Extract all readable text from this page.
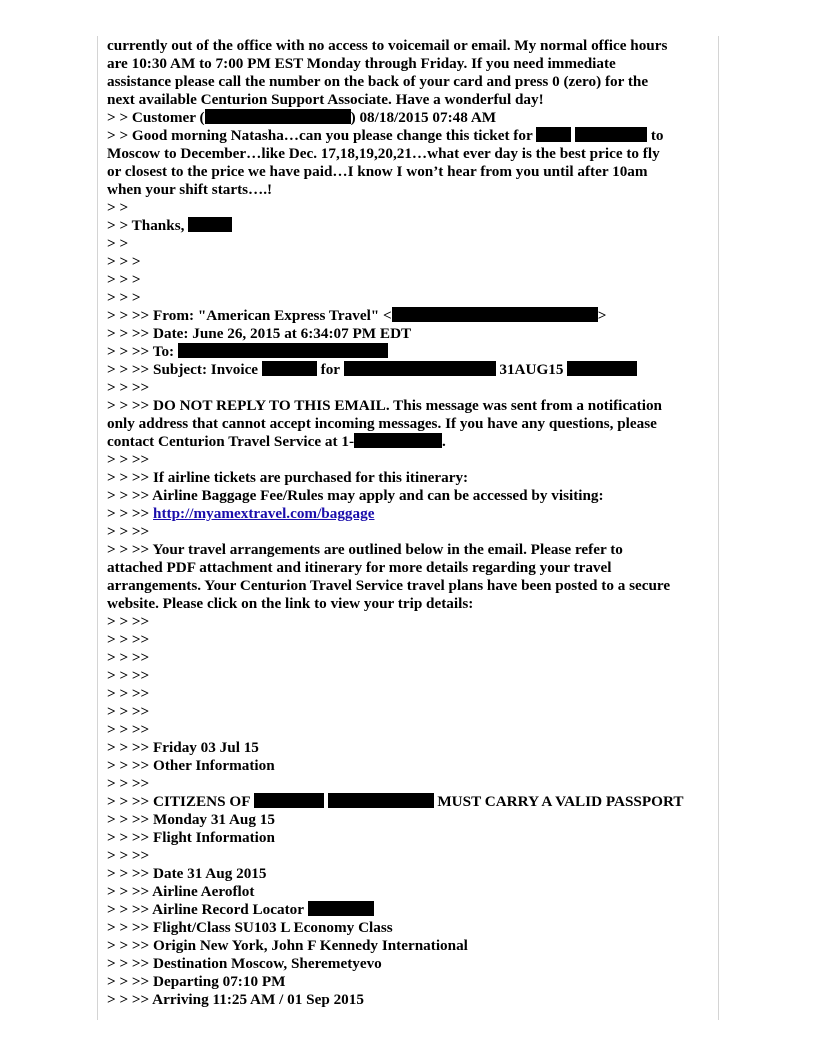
currently out of the office with no access to voicemail or email. My normal office hours
are 10:30 AM to 7:00 PM EST Monday through Friday. If you need immediate
assistance please call the number on the back of your card and press 0 (zero) for the
next available Centurion Support Associate. Have a wonderful day!
> > Customer (	) 08/18/2015 07:48 AM
> > Good morning Natasha…can you please change this ticket for	to
Moscow to December…like Dec. 17,18,19,20,21…what ever day is the best price to fly
or closest to the price we have paid…I know I won’t hear from you until after 10am
when your shift starts….!
> >
> > Thanks,
> >
> > >
> > >
> > >
> > >> From: "American Express Travel" <	>
> > >> Date: June 26, 2015 at 6:34:07 PM EDT
> > >> To:
> > >> Subject: Invoice	for	31AUG15
> > >>
> > >> DO NOT REPLY TO THIS EMAIL. This message was sent from a notification
only address that cannot accept incoming messages. If you have any questions, please
contact Centurion Travel Service at 1-	.
> > >>
> > >> If airline tickets are purchased for this itinerary:
> > >> Airline Baggage Fee/Rules may apply and can be accessed by visiting:
> > >> http://myamextravel.com/baggage
> > >>
> > >> Your travel arrangements are outlined below in the email. Please refer to
attached PDF attachment and itinerary for more details regarding your travel
arrangements. Your Centurion Travel Service travel plans have been posted to a secure
website. Please click on the link to view your trip details:
> > >>
> > >>
> > >>
> > >>
> > >>
> > >>
> > >>
> > >> Friday 03 Jul 15
> > >> Other Information
> > >>
> > >> CITIZENS OF	MUST CARRY A VALID PASSPORT
> > >> Monday 31 Aug 15
> > >> Flight Information
> > >>
> > >> Date 31 Aug 2015
> > >> Airline Aeroflot
> > >> Airline Record Locator
> > >> Flight/Class SU103 L Economy Class
> > >> Origin New York, John F Kennedy International
> > >> Destination Moscow, Sheremetyevo
> > >> Departing 07:10 PM
> > >> Arriving 11:25 AM / 01 Sep 2015
